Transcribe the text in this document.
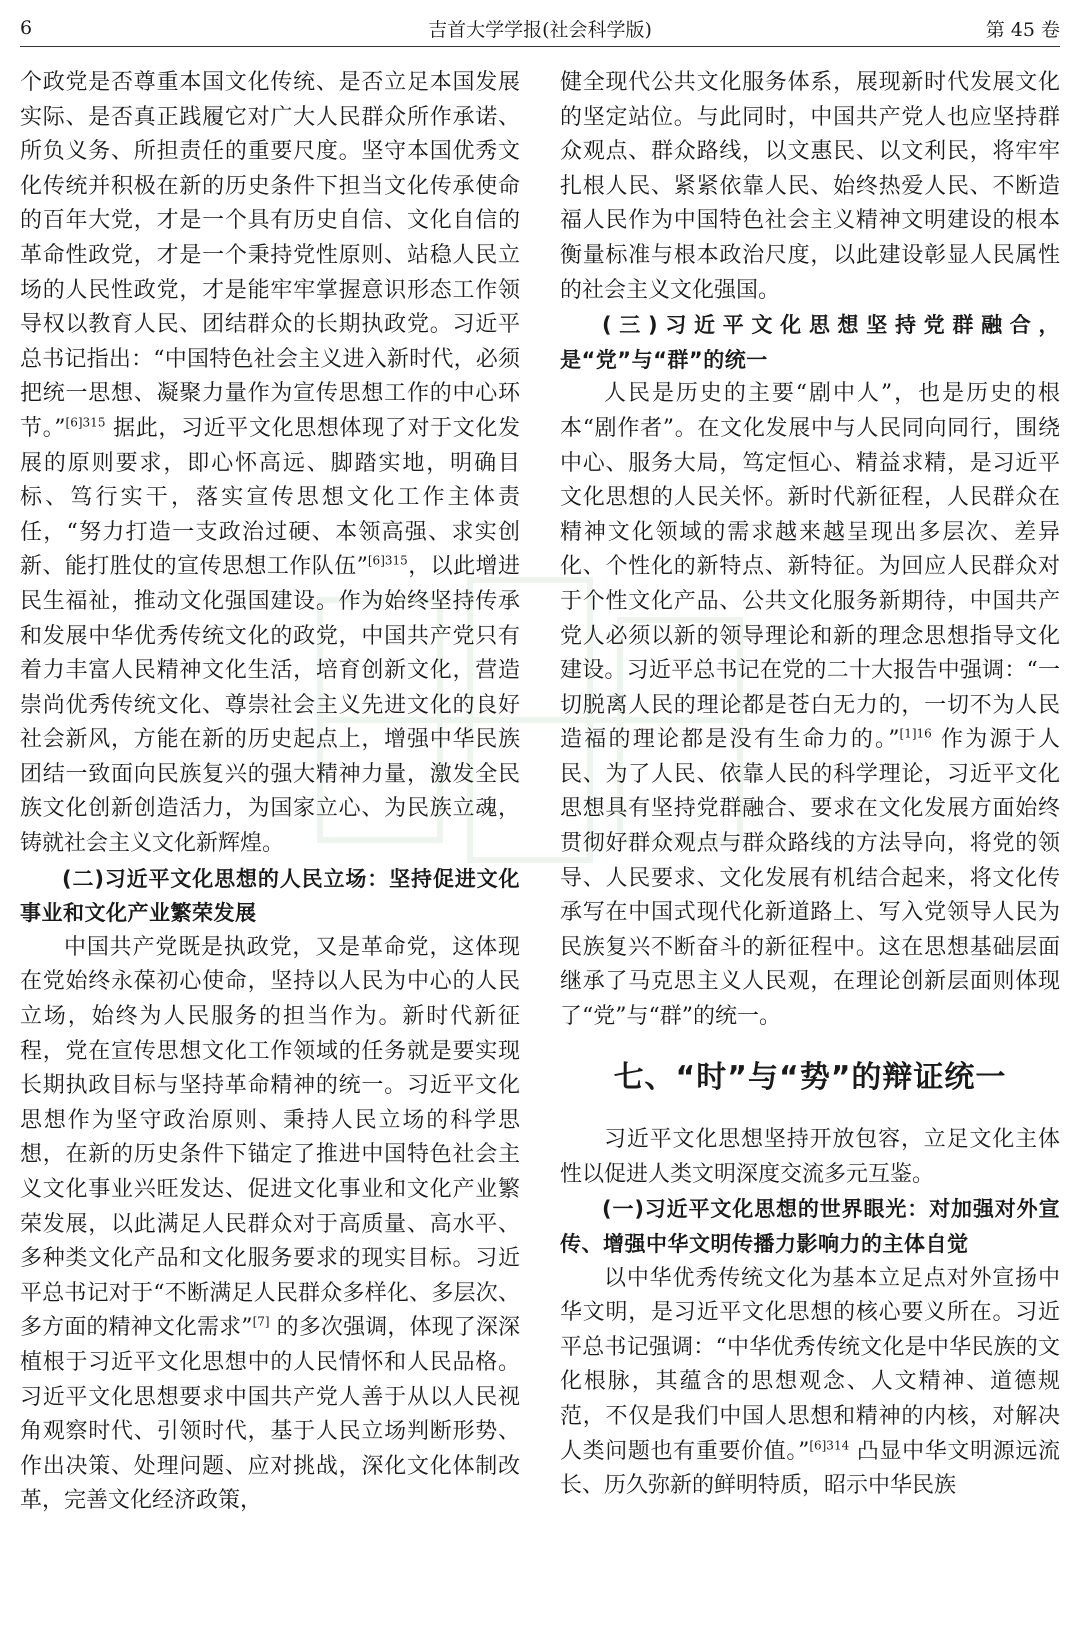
6	吉首大学学报(社会科学版)	第 45 卷

个政党是否尊重本国文化传统、是否立足本国发展实际、是否真正践履它对广大人民群众所作承诺、所负义务、所担责任的重要尺度。坚守本国优秀文化传统并积极在新的历史条件下担当文化传承使命的百年大党，才是一个具有历史自信、文化自信的革命性政党，才是一个秉持党性原则、站稳人民立场的人民性政党，才是能牢牢掌握意识形态工作领导权以教育人民、团结群众的长期执政党。习近平总书记指出：“中国特色社会主义进入新时代，必须把统一思想、凝聚力量作为宣传思想工作的中心环节。”$^{[6]315}$ 据此，习近平文化思想体现了对于文化发展的原则要求，即心怀高远、脚踏实地，明确目标、笃行实干，落实宣传思想文化工作主体责任，“努力打造一支政治过硬、本领高强、求实创新、能打胜仗的宣传思想工作队伍”$^{[6]315}$，以此增进民生福祉，推动文化强国建设。作为始终坚持传承和发展中华优秀传统文化的政党，中国共产党只有着力丰富人民精神文化生活，培育创新文化，营造崇尚优秀传统文化、尊崇社会主义先进文化的良好社会新风，方能在新的历史起点上，增强中华民族团结一致面向民族复兴的强大精神力量，激发全民族文化创新创造活力，为国家立心、为民族立魂，铸就社会主义文化新辉煌。

(二)习近平文化思想的人民立场：坚持促进文化事业和文化产业繁荣发展

中国共产党既是执政党，又是革命党，这体现在党始终永葆初心使命，坚持以人民为中心的人民立场，始终为人民服务的担当作为。新时代新征程，党在宣传思想文化工作领域的任务就是要实现长期执政目标与坚持革命精神的统一。习近平文化思想作为坚守政治原则、秉持人民立场的科学思想，在新的历史条件下锚定了推进中国特色社会主义文化事业兴旺发达、促进文化事业和文化产业繁荣发展，以此满足人民群众对于高质量、高水平、多种类文化产品和文化服务要求的现实目标。习近平总书记对于“不断满足人民群众多样化、多层次、多方面的精神文化需求”[7] 的多次强调，体现了深深植根于习近平文化思想中的人民情怀和人民品格。习近平文化思想要求中国共产党人善于从以人民视角观察时代、引领时代，基于人民立场判断形势、作出决策、处理问题、应对挑战，深化文化体制改革，完善文化经济政策，

健全现代公共文化服务体系，展现新时代发展文化的坚定站位。与此同时，中国共产党人也应坚持群众观点、群众路线，以文惠民、以文利民，将牢牢扎根人民、紧紧依靠人民、始终热爱人民、不断造福人民作为中国特色社会主义精神文明建设的根本衡量标准与根本政治尺度，以此建设彰显人民属性的社会主义文化强国。

(三)习近平文化思想坚持党群融合，是“党”与“群”的统一

人民是历史的主要“剧中人”，也是历史的根本“剧作者”。在文化发展中与人民同向同行，围绕中心、服务大局，笃定恒心、精益求精，是习近平文化思想的人民关怀。新时代新征程，人民群众在精神文化领域的需求越来越呈现出多层次、差异化、个性化的新特点、新特征。为回应人民群众对于个性文化产品、公共文化服务新期待，中国共产党人必须以新的领导理论和新的理念思想指导文化建设。习近平总书记在党的二十大报告中强调：“一切脱离人民的理论都是苍白无力的，一切不为人民造福的理论都是没有生命力的。”$^{[1]16}$ 作为源于人民、为了人民、依靠人民的科学理论，习近平文化思想具有坚持党群融合、要求在文化发展方面始终贯彻好群众观点与群众路线的方法导向，将党的领导、人民要求、文化发展有机结合起来，将文化传承写在中国式现代化新道路上、写入党领导人民为民族复兴不断奋斗的新征程中。这在思想基础层面继承了马克思主义人民观，在理论创新层面则体现了“党”与“群”的统一。

七、“时”与“势”的辩证统一

习近平文化思想坚持开放包容，立足文化主体性以促进人类文明深度交流多元互鉴。

(一)习近平文化思想的世界眼光：对加强对外宣传、增强中华文明传播力影响力的主体自觉

以中华优秀传统文化为基本立足点对外宣扬中华文明，是习近平文化思想的核心要义所在。习近平总书记强调：“中华优秀传统文化是中华民族的文化根脉，其蕴含的思想观念、人文精神、道德规范，不仅是我们中国人思想和精神的内核，对解决人类问题也有重要价值。”$^{[6]314}$ 凸显中华文明源远流长、历久弥新的鲜明特质，昭示中华民族
